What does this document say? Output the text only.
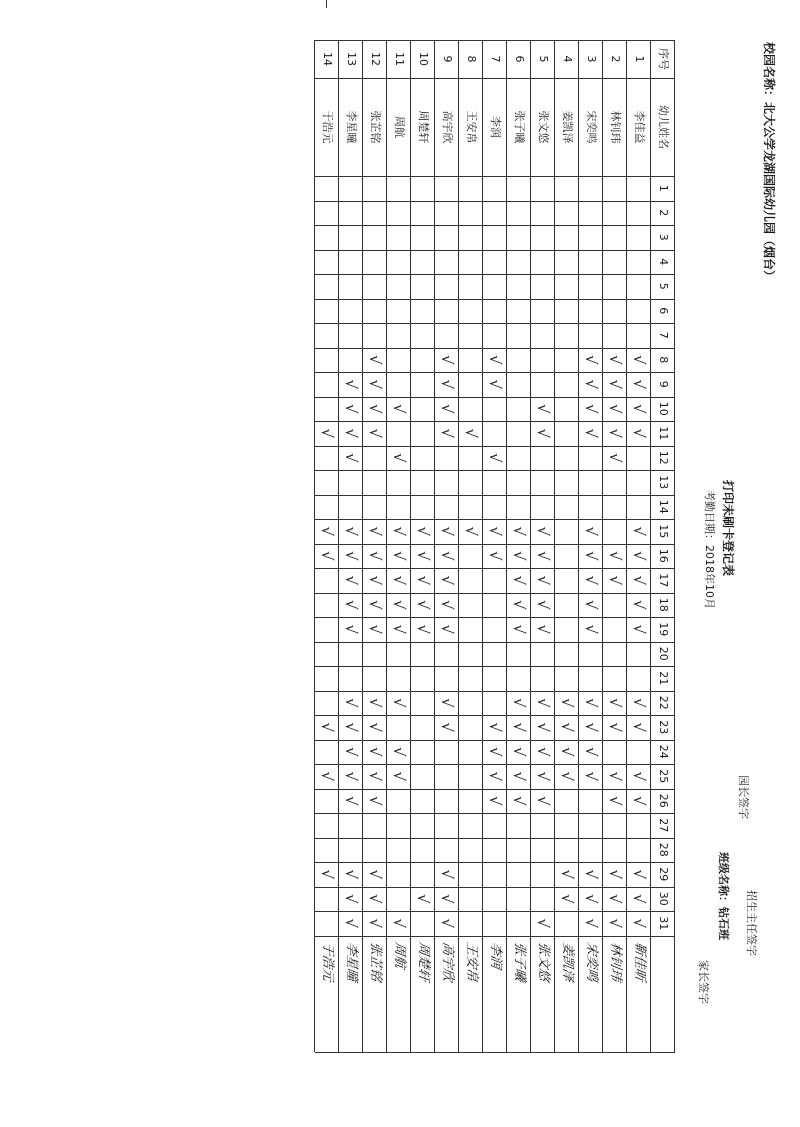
校园名称：北大公学龙湖国际幼儿园（烟台）
打印未刷卡登记表
考勤日期：2018年10月
园长签字
班级名称：钻石班 招生主任签字
家长签字
序号
幼儿姓名
1
2
3
4
5
6
7
8
9
10
11
12
13
14
15
16
17
18
19
20
21
22
23
24
25
26
27
28
29
30
31
1
李佳益
√
√
√
√
√
√
√
√
√
√
√
√
√
√
√
√
靳佳昕
2
林钊玮
√
√
√
√
√
√
√
√
√
√
√
√
√
√
林钊玮
3
宋奕鸣
√
√
√
√
√
√
√
√
√
√
√
√
√
√
√
√
宋奕鸣
4
姜凯泽
√
√
√
√
√
√
姜凯泽
5
张文悠
√
√
√
√
√
√
√
√
√
√
√
√
√
张文悠
6
张子曦
√
√
√
√
√
√
√
√
√
√
张子曦
7
李润
√
√
√
√
√
√
√
√
√
李润
8
王安帛
√
√
王安帛
9
高宇欣
√
√
√
√
√
√
√
√
√
√
√
√
√
√
高宇欣
10
周楚轩
√
√
√
√
√
√
周楚轩
11
周航
√
√
√
√
√
√
√
√
√
√
√
周航
12
张芷铭
√
√
√
√
√
√
√
√
√
√
√
√
√
√
√
√
√
张芷铭
13
李星曈
√
√
√
√
√
√
√
√
√
√
√
√
√
√
√
√
√
李星曈
14
于浩元
√
√
√
√
√
√
于浩元
